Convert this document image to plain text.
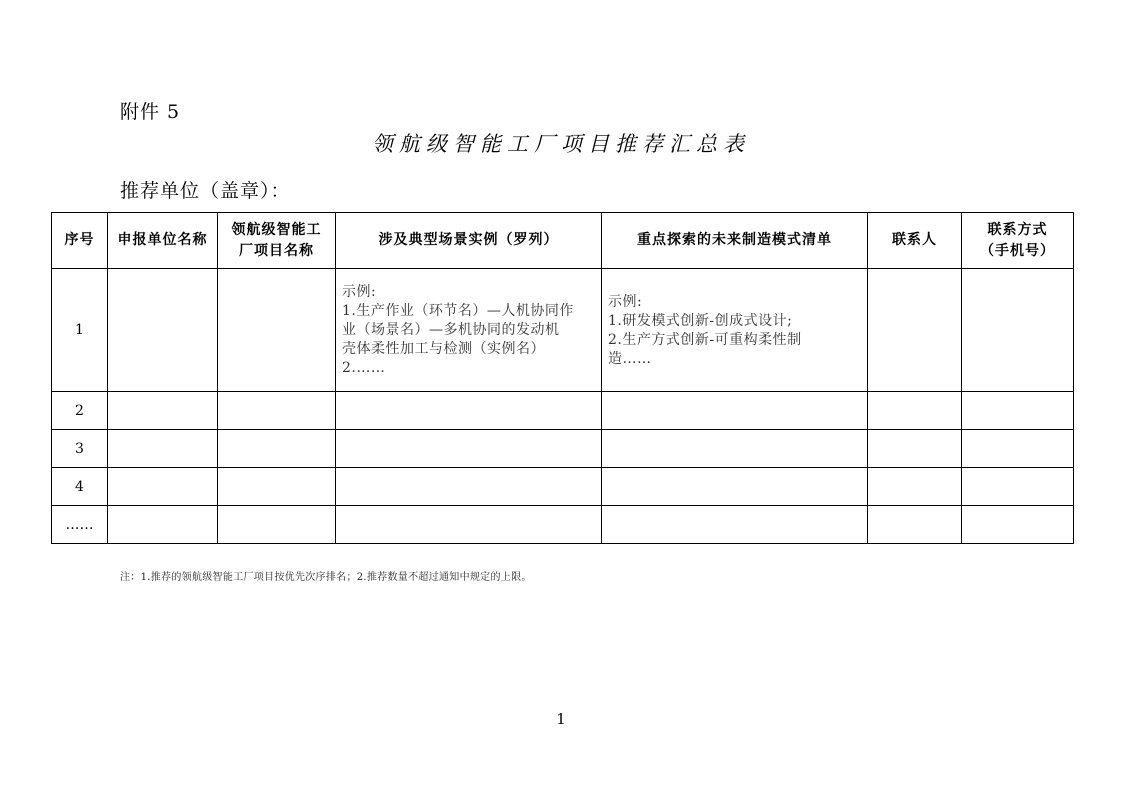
附件 5
领航级智能工厂项目推荐汇总表
推荐单位（盖章）：
序号	申报单位名称	领航级智能工厂项目名称	涉及典型场景实例（罗列）	重点探索的未来制造模式清单	联系人	联系方式（手机号）
1			示例:
1.生产作业（环节名）—人机协同作
业（场景名）—多机协同的发动机
壳体柔性加工与检测（实例名）
2.……	示例:
1.研发模式创新-创成式设计;
2.生产方式创新-可重构柔性制
造……		

2						
3						
4						
……						
注：1.推荐的领航级智能工厂项目按优先次序排名；2.推荐数量不超过通知中规定的上限。
1
